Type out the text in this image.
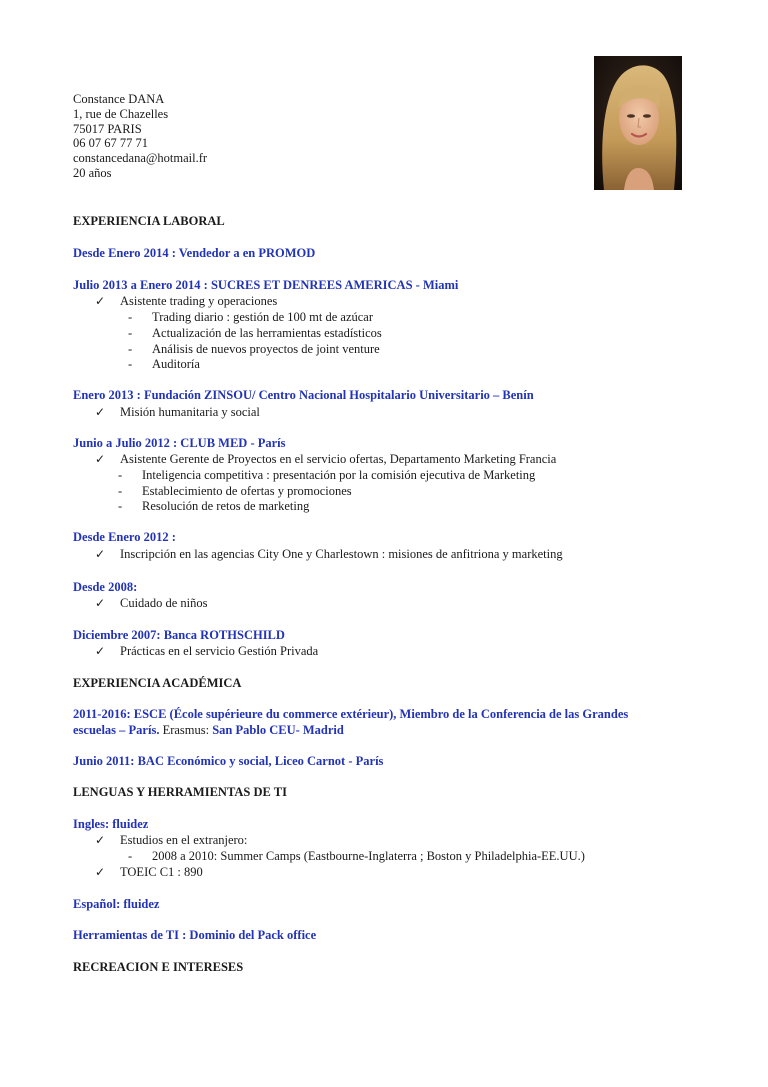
Constance DANA
1, rue de Chazelles
75017 PARIS
06 07 67 77 71
constancedana@hotmail.fr
20 años
EXPERIENCIA LABORAL
Desde Enero 2014 : Vendedor a en PROMOD
Julio 2013 a Enero 2014 : SUCRES ET DENREES AMERICAS - Miami
✓ Asistente trading y operaciones
- Trading diario : gestión de 100 mt de azúcar
- Actualización de las herramientas estadísticos
- Análisis de nuevos proyectos de joint venture
- Auditoría
Enero 2013 : Fundación ZINSOU/ Centro Nacional Hospitalario Universitario – Benín
✓ Misión humanitaria y social
Junio a Julio 2012 : CLUB MED - París
✓ Asistente Gerente de Proyectos en el servicio ofertas, Departamento Marketing Francia
- Inteligencia competitiva : presentación por la comisión ejecutiva de Marketing
- Establecimiento de ofertas y promociones
- Resolución de retos de marketing
Desde Enero 2012 :
✓ Inscripción en las agencias City One y Charlestown : misiones de anfitriona y marketing
Desde 2008:
✓ Cuidado de niños
Diciembre 2007: Banca ROTHSCHILD
✓ Prácticas en el servicio Gestión Privada
EXPERIENCIA ACADÉMICA
2011-2016: ESCE (École supérieure du commerce extérieur), Miembro de la Conferencia de las Grandes
escuelas – París. Erasmus: San Pablo CEU- Madrid
Junio 2011: BAC Económico y social, Liceo Carnot - París
LENGUAS Y HERRAMIENTAS DE TI
Ingles: fluidez
✓ Estudios en el extranjero:
- 2008 a 2010: Summer Camps (Eastbourne-Inglaterra ; Boston y Philadelphia-EE.UU.)
✓ TOEIC C1 : 890
Español: fluidez
Herramientas de TI : Dominio del Pack office
RECREACION E INTERESES
